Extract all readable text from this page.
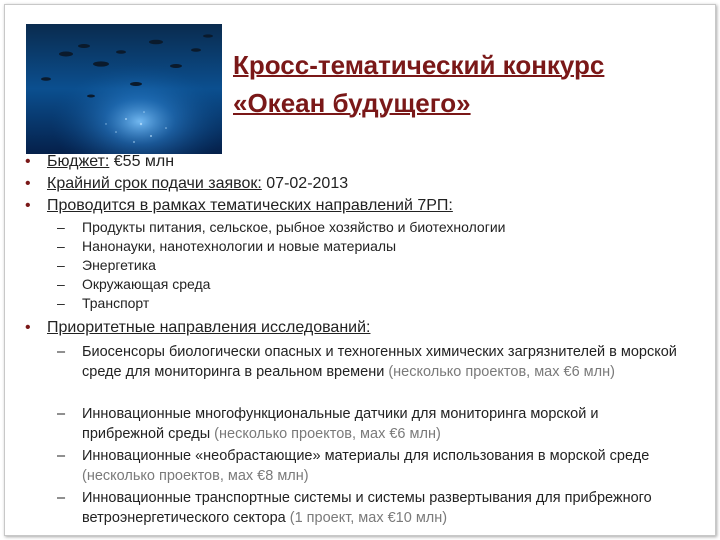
Кросс-тематический конкурс
«Океан будущего»
• Бюджет: €55 млн
• Крайний срок подачи заявок: 07-02-2013
• Проводится в рамках тематических направлений 7РП:
– Продукты питания, сельское, рыбное хозяйство и биотехнологии
– Нанонауки, нанотехнологии и новые материалы
– Энергетика
– Окружающая среда
– Транспорт
• Приоритетные направления исследований:
– Биосенсоры биологически опасных и техногенных химических загрязнителей в морской среде для мониторинга в реальном времени (несколько проектов, мах €6 млн)
– Инновационные многофункциональные датчики для мониторинга морской и прибрежной среды (несколько проектов, мах €6 млн)
– Инновационные «необрастающие» материалы для использования в морской среде (несколько проектов, мах €8 млн)
– Инновационные транспортные системы и системы развертывания для прибрежного ветроэнергетического сектора (1 проект, мах €10 млн)
